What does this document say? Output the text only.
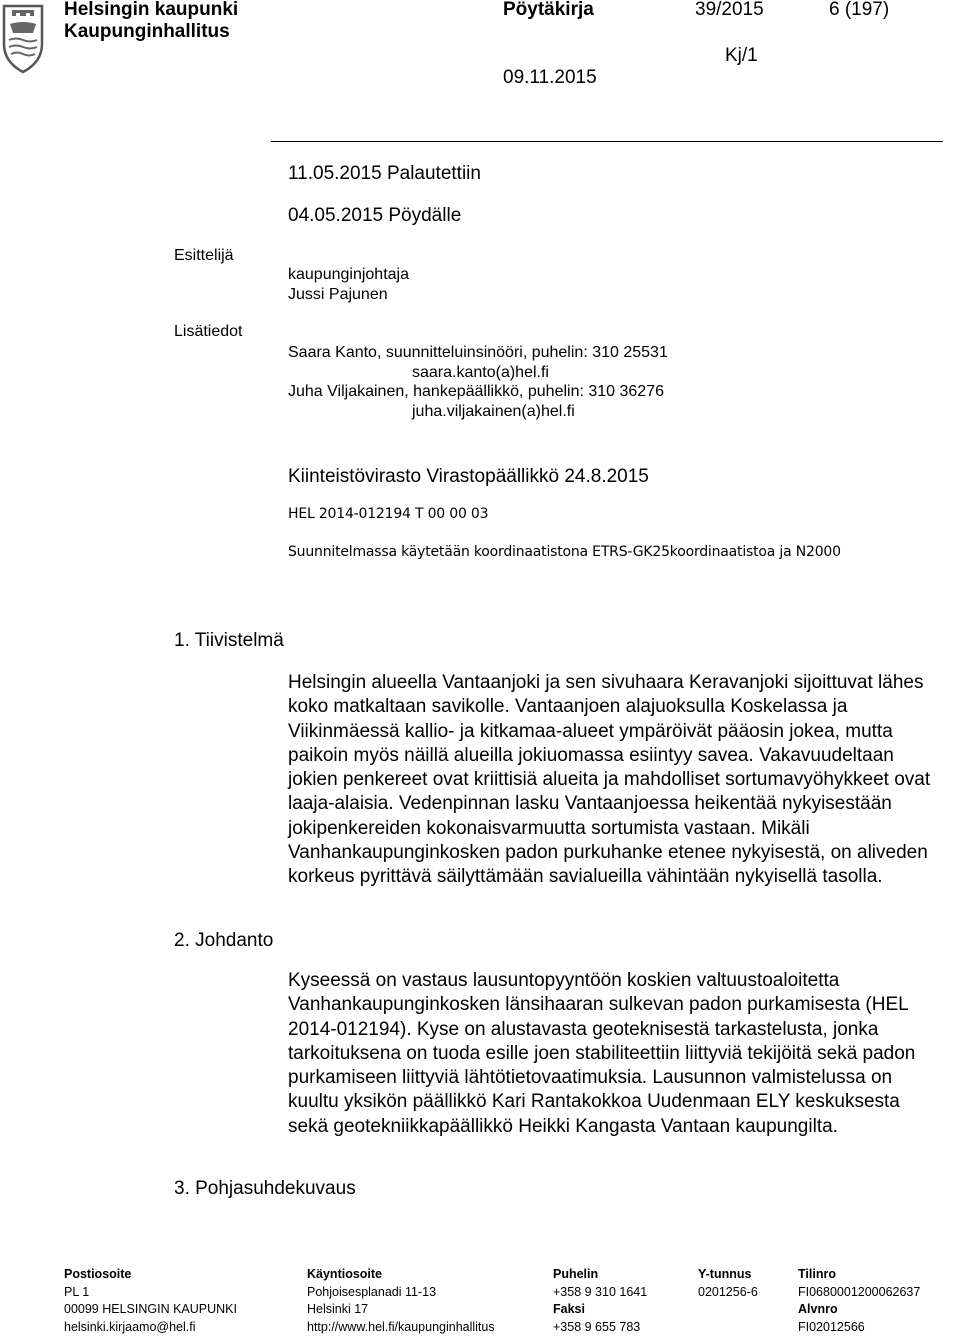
Helsingin kaupunki
Kaupunginhallitus
Pöytäkirja	39/2015	6 (197)
Kj/1
09.11.2015
11.05.2015 Palautettiin
04.05.2015 Pöydälle
Esittelijä
kaupunginjohtaja
Jussi Pajunen
Lisätiedot
Saara Kanto, suunnitteluinsinööri, puhelin: 310 25531
saara.kanto(a)hel.fi
Juha Viljakainen, hankepäällikkö, puhelin: 310 36276
juha.viljakainen(a)hel.fi
Kiinteistövirasto Virastopäällikkö 24.8.2015
HEL 2014-012194 T 00 00 03
Suunnitelmassa käytetään koordinaatistona ETRS-GK25koordinaatistoa ja N2000
1. Tiivistelmä

Helsingin alueella Vantaanjoki ja sen sivuhaara Keravanjoki sijoittuvat lähes koko matkaltaan savikolle. Vantaanjoen alajuoksulla Koskelassa ja Viikinmäessä kallio- ja kitkamaa-alueet ympäröivät pääosin jokea, mutta paikoin myös näillä alueilla jokiuomassa esiintyy savea. Vakavuudeltaan jokien penkereet ovat kriittisiä alueita ja mahdolliset sortumavyöhykkeet ovat laaja-alaisia. Vedenpinnan lasku Vantaanjoessa heikentää nykyisestään jokipenkereiden kokonaisvarmuutta sortumista vastaan. Mikäli Vanhankaupunginkosken padon purkuhanke etenee nykyisestä, on aliveden korkeus pyrittävä säilyttämään savialueilla vähintään nykyisellä tasolla.

2. Johdanto

Kyseessä on vastaus lausuntopyyntöön koskien valtuustoaloitetta Vanhankaupunginkosken länsihaaran sulkevan padon purkamisesta (HEL 2014-012194). Kyse on alustavasta geoteknisestä tarkastelusta, jonka tarkoituksena on tuoda esille joen stabiliteettiin liittyviä tekijöitä sekä padon purkamiseen liittyviä lähtötietovaatimuksia. Lausunnon valmistelussa on kuultu yksikön päällikkö Kari Rantakokkoa Uudenmaan ELY keskuksesta sekä geotekniikkapäällikkö Heikki Kangasta Vantaan kaupungilta.

3. Pohjasuhdekuvaus
Postiosoite
PL 1
00099 HELSINGIN KAUPUNKI
helsinki.kirjaamo@hel.fi
Käyntiosoite
Pohjoisesplanadi 11-13
Helsinki 17
http://www.hel.fi/kaupunginhallitus
Puhelin
+358 9 310 1641
Faksi
+358 9 655 783
Y-tunnus
0201256-6
Tilinro
FI0680001200062637
Alvnro
FI02012566
